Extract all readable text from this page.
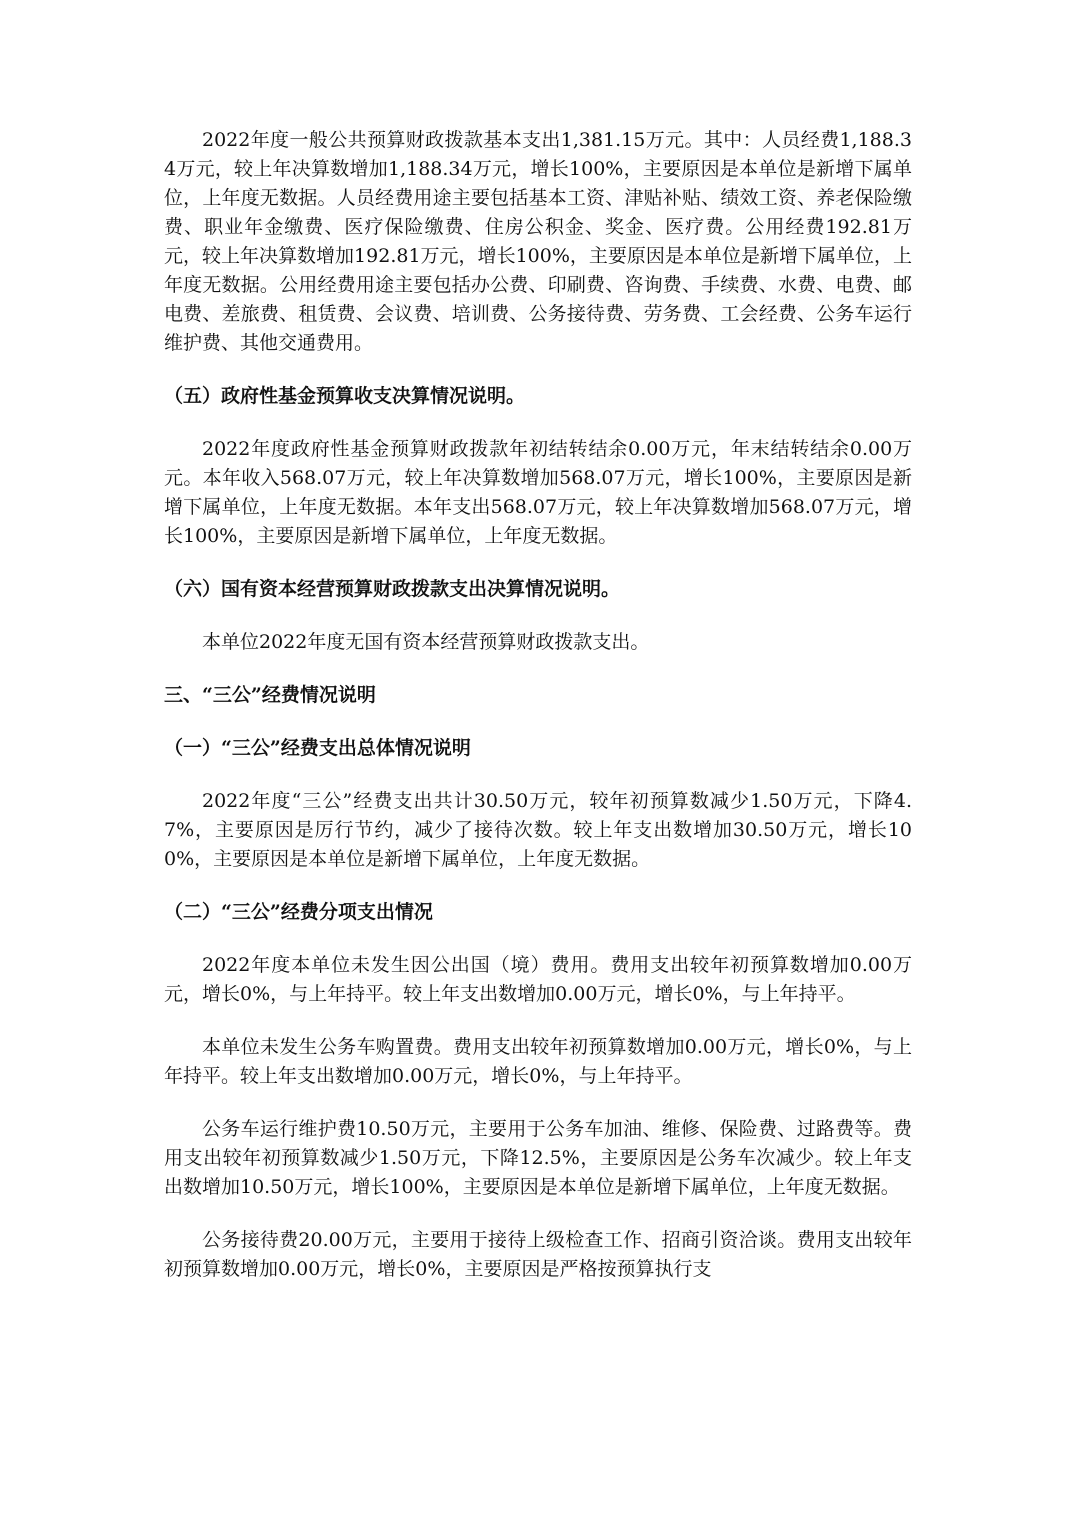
2022年度一般公共预算财政拨款基本支出1,381.15万元。其中：人员经费1,188.34万元，较上年决算数增加1,188.34万元，增长100%，主要原因是本单位是新增下属单位，上年度无数据。人员经费用途主要包括基本工资、津贴补贴、绩效工资、养老保险缴费、职业年金缴费、医疗保险缴费、住房公积金、奖金、医疗费。公用经费192.81万元，较上年决算数增加192.81万元，增长100%，主要原因是本单位是新增下属单位，上年度无数据。公用经费用途主要包括办公费、印刷费、咨询费、手续费、水费、电费、邮电费、差旅费、租赁费、会议费、培训费、公务接待费、劳务费、工会经费、公务车运行维护费、其他交通费用。

（五）政府性基金预算收支决算情况说明。

2022年度政府性基金预算财政拨款年初结转结余0.00万元，年末结转结余0.00万元。本年收入568.07万元，较上年决算数增加568.07万元，增长100%，主要原因是新增下属单位，上年度无数据。本年支出568.07万元，较上年决算数增加568.07万元，增长100%，主要原因是新增下属单位，上年度无数据。

（六）国有资本经营预算财政拨款支出决算情况说明。

本单位2022年度无国有资本经营预算财政拨款支出。

三、“三公”经费情况说明

（一）“三公”经费支出总体情况说明

2022年度“三公”经费支出共计30.50万元，较年初预算数减少1.50万元，下降4.7%，主要原因是厉行节约，减少了接待次数。较上年支出数增加30.50万元，增长100%，主要原因是本单位是新增下属单位，上年度无数据。

（二）“三公”经费分项支出情况

2022年度本单位未发生因公出国（境）费用。费用支出较年初预算数增加0.00万元，增长0%，与上年持平。较上年支出数增加0.00万元，增长0%，与上年持平。

本单位未发生公务车购置费。费用支出较年初预算数增加0.00万元，增长0%，与上年持平。较上年支出数增加0.00万元，增长0%，与上年持平。

公务车运行维护费10.50万元，主要用于公务车加油、维修、保险费、过路费等。费用支出较年初预算数减少1.50万元，下降12.5%，主要原因是公务车次减少。较上年支出数增加10.50万元，增长100%，主要原因是本单位是新增下属单位，上年度无数据。

公务接待费20.00万元，主要用于接待上级检查工作、招商引资洽谈。费用支出较年初预算数增加0.00万元，增长0%，主要原因是严格按预算执行支
